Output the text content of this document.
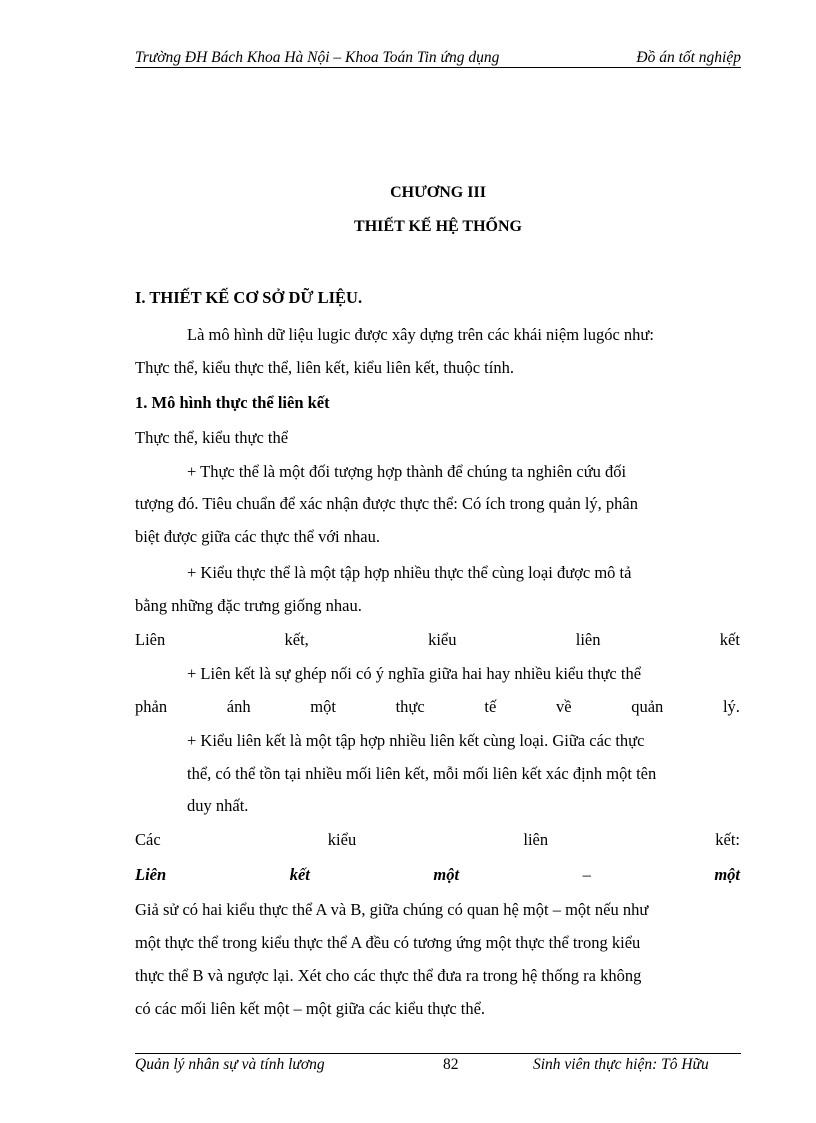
Trường ĐH Bách Khoa Hà Nội – Khoa Toán Tin ứng dụng	Đồ án tốt nghiệp
CHƯƠNG III
THIẾT KẾ HỆ THỐNG
I. THIẾT KẾ CƠ SỞ DỮ LIỆU.
Là mô hình dữ liệu lugic được xây dựng trên các khái niệm lugóc như:
Thực thể, kiểu thực thể, liên kết, kiểu liên kết, thuộc tính.
1. Mô hình thực thể liên kết
Thực thể, kiểu thực thể
+ Thực thể là một đối tượng hợp thành để chúng ta nghiên cứu đối
tượng đó. Tiêu chuẩn để xác nhận được thực thể: Có ích trong quản lý, phân
biệt được giữa các thực thể với nhau.
+ Kiểu thực thể là một tập hợp nhiều thực thể cùng loại được mô tả
bằng những đặc trưng giống nhau.
Liên	kết,	kiểu	liên	kết
+ Liên kết là sự ghép nối có ý nghĩa giữa hai hay nhiều kiểu thực thể
phản	ánh	một	thực	tế	về	quản	lý.
+ Kiểu liên kết là một tập hợp nhiều liên kết cùng loại. Giữa các thực
thể, có thể tồn tại nhiều mối liên kết, mỗi mối liên kết xác định một tên
duy nhất.
Các	kiểu	liên	kết:
Liên	kết	một	–	một
Giả sử có hai kiểu thực thể A và B, giữa chúng có quan hệ một – một nếu như
một thực thể trong kiểu thực thể A đều có tương ứng một thực thể trong kiểu
thực thể B và ngược lại. Xét cho các thực thể đưa ra trong hệ thống ra không
có các mối liên kết một – một giữa các kiểu thực thể.
Quản lý nhân sự và tính lương	82	Sinh viên thực hiện: Tô Hữu
